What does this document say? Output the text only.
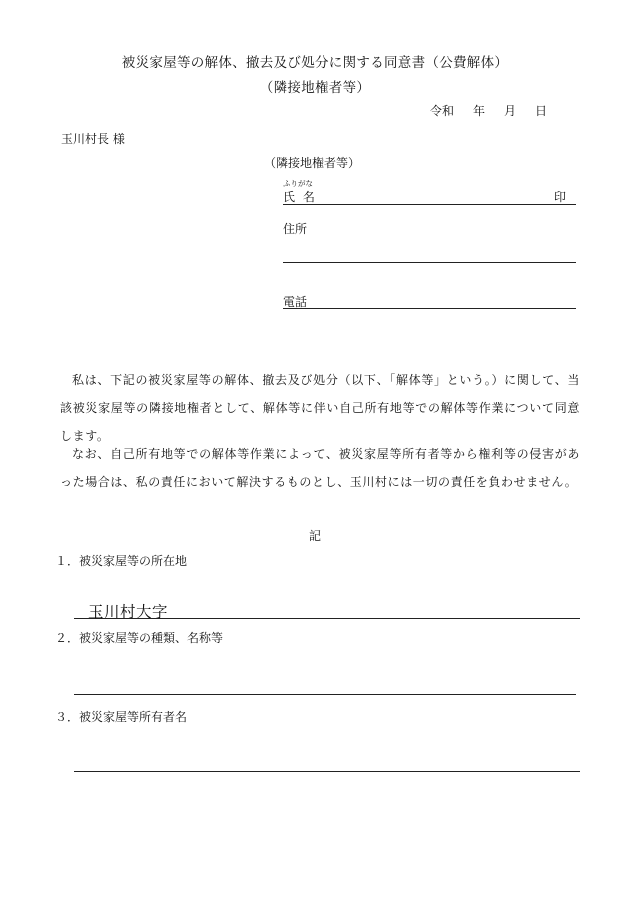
被災家屋等の解体、撤去及び処分に関する同意書（公費解体）
（隣接地権者等）
令和 年 月 日
玉川村長 様
（隣接地権者等）
ふりがな
氏 名	印
住所
電話
私は、下記の被災家屋等の解体、撤去及び処分（以下、「解体等」という。）に関して、当該被災家屋等の隣接地権者として、解体等に伴い自己所有地等での解体等作業について同意します。
なお、自己所有地等での解体等作業によって、被災家屋等所有者等から権利等の侵害があった場合は、私の責任において解決するものとし、玉川村には一切の責任を負わせません。
記
１．被災家屋等の所在地
玉川村大字
２．被災家屋等の種類、名称等
３．被災家屋等所有者名
